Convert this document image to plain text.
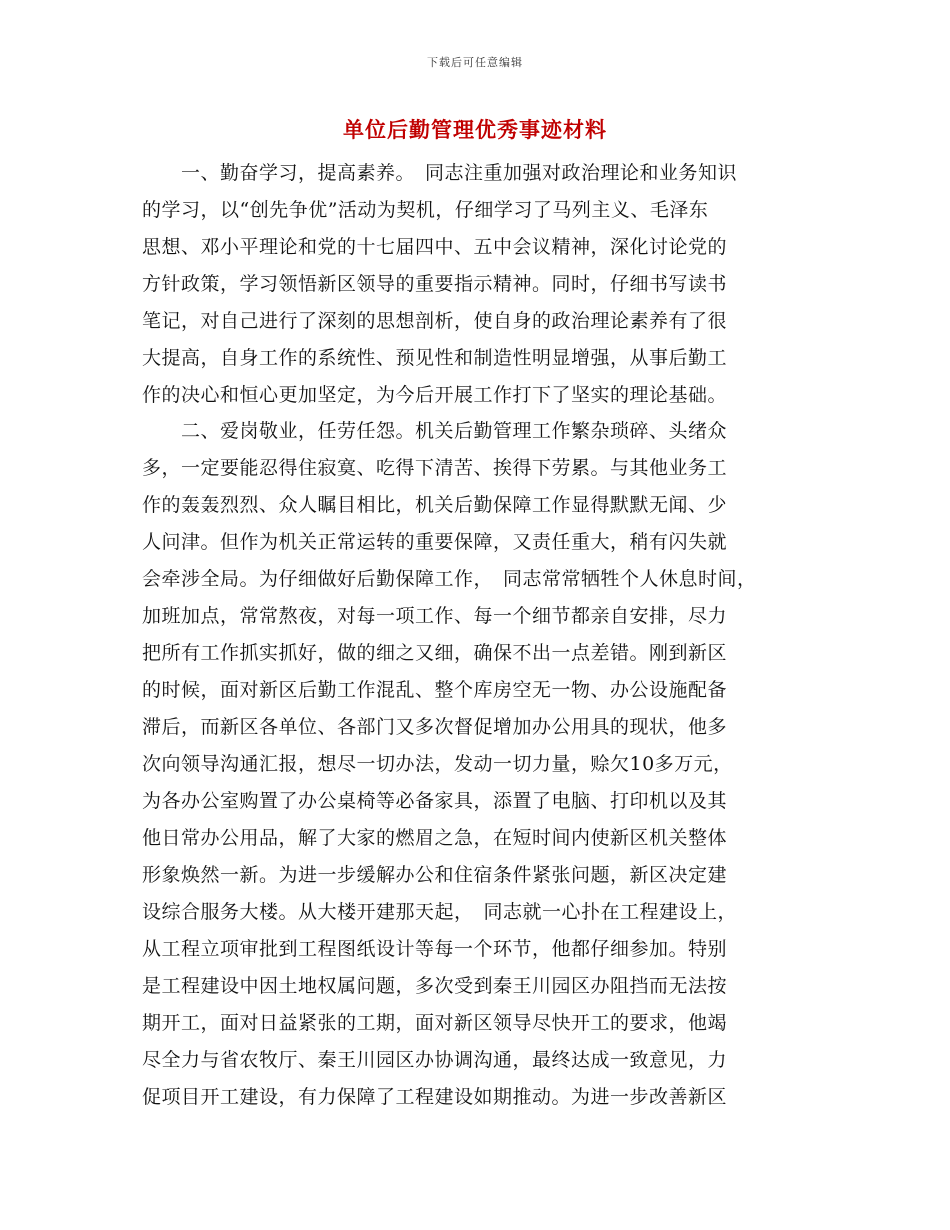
下载后可任意编辑
单位后勤管理优秀事迹材料
　　一、勤奋学习，提高素养。　同志注重加强对政治理论和业务知识
的学习，以“创先争优”活动为契机，仔细学习了马列主义、毛泽东
思想、邓小平理论和党的十七届四中、五中会议精神，深化讨论党的
方针政策，学习领悟新区领导的重要指示精神。同时，仔细书写读书
笔记，对自己进行了深刻的思想剖析，使自身的政治理论素养有了很
大提高，自身工作的系统性、预见性和制造性明显增强，从事后勤工
作的决心和恒心更加坚定，为今后开展工作打下了坚实的理论基础。
　　二、爱岗敬业，任劳任怨。机关后勤管理工作繁杂琐碎、头绪众
多，一定要能忍得住寂寞、吃得下清苦、挨得下劳累。与其他业务工
作的轰轰烈烈、众人瞩目相比，机关后勤保障工作显得默默无闻、少
人问津。但作为机关正常运转的重要保障，又责任重大，稍有闪失就
会牵涉全局。为仔细做好后勤保障工作，　同志常常牺牲个人休息时间，
加班加点，常常熬夜，对每一项工作、每一个细节都亲自安排，尽力
把所有工作抓实抓好，做的细之又细，确保不出一点差错。刚到新区
的时候，面对新区后勤工作混乱、整个库房空无一物、办公设施配备
滞后，而新区各单位、各部门又多次督促增加办公用具的现状，他多
次向领导沟通汇报，想尽一切办法，发动一切力量，赊欠10多万元，
为各办公室购置了办公桌椅等必备家具，添置了电脑、打印机以及其
他日常办公用品，解了大家的燃眉之急，在短时间内使新区机关整体
形象焕然一新。为进一步缓解办公和住宿条件紧张问题，新区决定建
设综合服务大楼。从大楼开建那天起，　同志就一心扑在工程建设上，
从工程立项审批到工程图纸设计等每一个环节，他都仔细参加。特别
是工程建设中因土地权属问题，多次受到秦王川园区办阻挡而无法按
期开工，面对日益紧张的工期，面对新区领导尽快开工的要求，他竭
尽全力与省农牧厅、秦王川园区办协调沟通，最终达成一致意见，力
促项目开工建设，有力保障了工程建设如期推动。为进一步改善新区
